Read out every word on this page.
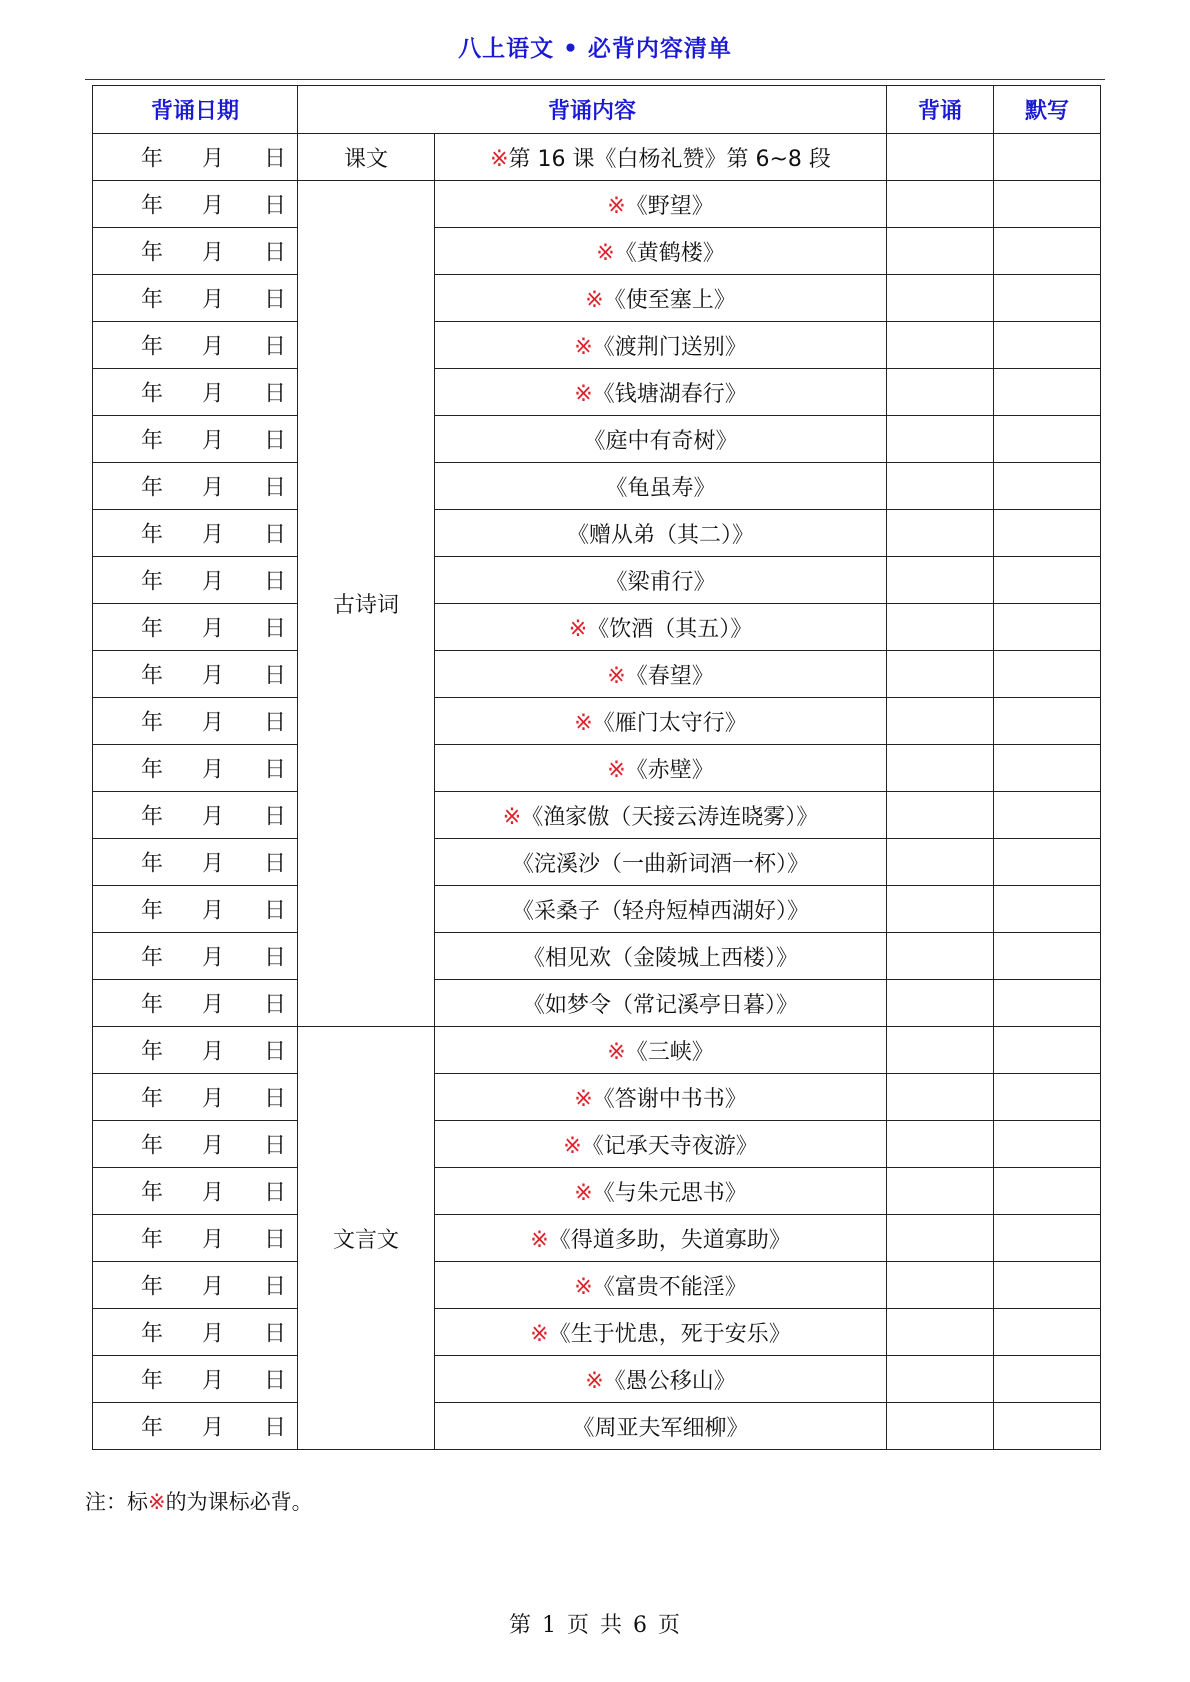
八上语文 • 必背内容清单
背诵日期	背诵内容		背诵	默写

年 月 日	课文	※第 16 课《白杨礼赞》第 6~8 段		

年 月 日	古诗词	※《野望》		

年 月 日		※《黄鹤楼》		

年 月 日		※《使至塞上》		

年 月 日		※《渡荆门送别》		

年 月 日		※《钱塘湖春行》		

年 月 日		《庭中有奇树》		

年 月 日		《龟虽寿》		

年 月 日		《赠从弟（其二）》		

年 月 日		《梁甫行》		

年 月 日		※《饮酒（其五）》		

年 月 日		※《春望》		

年 月 日		※《雁门太守行》		

年 月 日		※《赤壁》		

年 月 日		※《渔家傲（天接云涛连晓雾）》		

年 月 日		《浣溪沙（一曲新词酒一杯）》		

年 月 日		《采桑子（轻舟短棹西湖好）》		

年 月 日		《相见欢（金陵城上西楼）》		

年 月 日		《如梦令（常记溪亭日暮）》		

年 月 日	文言文	※《三峡》		

年 月 日		※《答谢中书书》		

年 月 日		※《记承天寺夜游》		

年 月 日		※《与朱元思书》		

年 月 日		※《得道多助，失道寡助》		

年 月 日		※《富贵不能淫》		

年 月 日		※《生于忧患，死于安乐》		

年 月 日		※《愚公移山》		

年 月 日		《周亚夫军细柳》		
注：标※的为课标必背。
第 1 页 共 6 页
